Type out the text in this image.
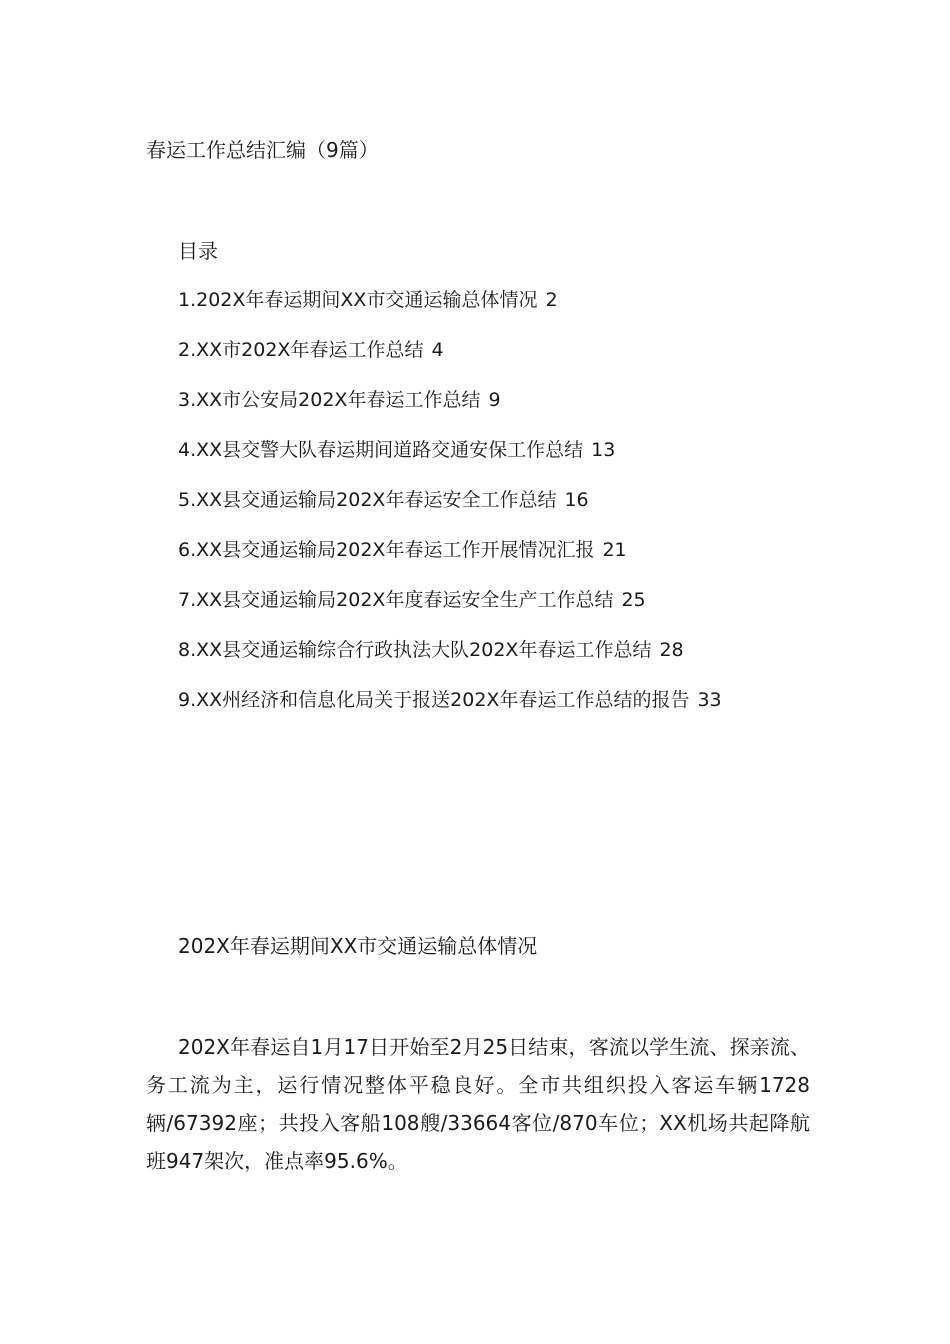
春运工作总结汇编（9篇）
目录
1.202X年春运期间XX市交通运输总体情况 2
2.XX市202X年春运工作总结 4
3.XX市公安局202X年春运工作总结 9
4.XX县交警大队春运期间道路交通安保工作总结 13
5.XX县交通运输局202X年春运安全工作总结 16
6.XX县交通运输局202X年春运工作开展情况汇报 21
7.XX县交通运输局202X年度春运安全生产工作总结 25
8.XX县交通运输综合行政执法大队202X年春运工作总结 28
9.XX州经济和信息化局关于报送202X年春运工作总结的报告 33
202X年春运期间XX市交通运输总体情况

202X年春运自1月17日开始至2月25日结束，客流以学生流、探亲流、务工流为主，运行情况整体平稳良好。全市共组织投入客运车辆1728辆/67392座；共投入客船108艘/33664客位/870车位；XX机场共起降航班947架次，准点率95.6%。
